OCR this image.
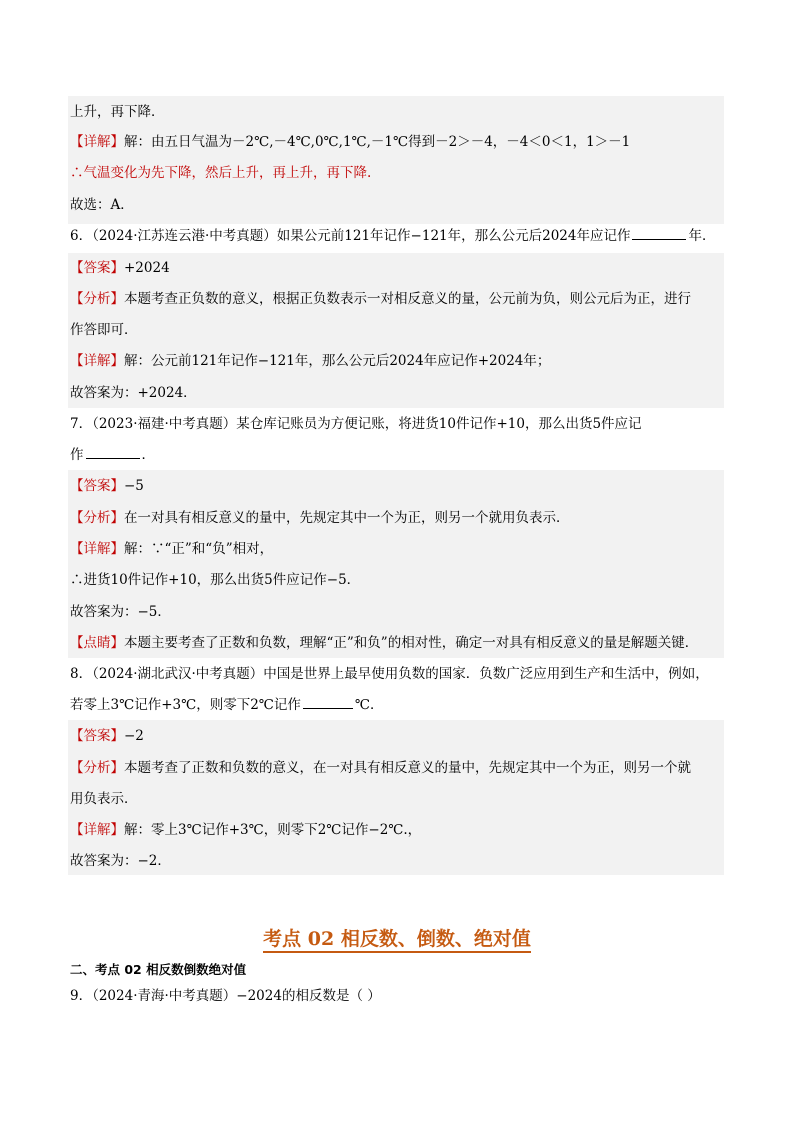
上升，再下降．
【详解】解：由五日气温为－2℃,－4℃,0℃,1℃,－1℃得到－2＞－4，－4＜0＜1，1＞－1
∴气温变化为先下降，然后上升，再上升，再下降.
故选：A．
6．（2024·江苏连云港·中考真题）如果公元前121年记作−121年，那么公元后2024年应记作	年．
【答案】+2024
【分析】本题考查正负数的意义，根据正负数表示一对相反意义的量，公元前为负，则公元后为正，进行
作答即可．
【详解】解：公元前121年记作−121年，那么公元后2024年应记作+2024年；
故答案为：+2024．
7．（2023·福建·中考真题）某仓库记账员为方便记账，将进货10件记作+10，那么出货5件应记
作	．
【答案】−5
【分析】在一对具有相反意义的量中，先规定其中一个为正，则另一个就用负表示．
【详解】解：∵“正”和“负”相对，
∴进货10件记作+10，那么出货5件应记作−5．
故答案为：−5．
【点睛】本题主要考查了正数和负数，理解“正”和负”的相对性，确定一对具有相反意义的量是解题关键．
8．（2024·湖北武汉·中考真题）中国是世界上最早使用负数的国家．负数广泛应用到生产和生活中，例如，
若零上3℃记作+3℃，则零下2℃记作	℃．
【答案】−2
【分析】本题考查了正数和负数的意义，在一对具有相反意义的量中，先规定其中一个为正，则另一个就
用负表示．
【详解】解：零上3℃记作+3℃，则零下2℃记作−2℃.，
故答案为：−2．
考点 02 相反数、倒数、绝对值
二、考点 02 相反数倒数绝对值
9．（2024·青海·中考真题）−2024的相反数是（ ）
